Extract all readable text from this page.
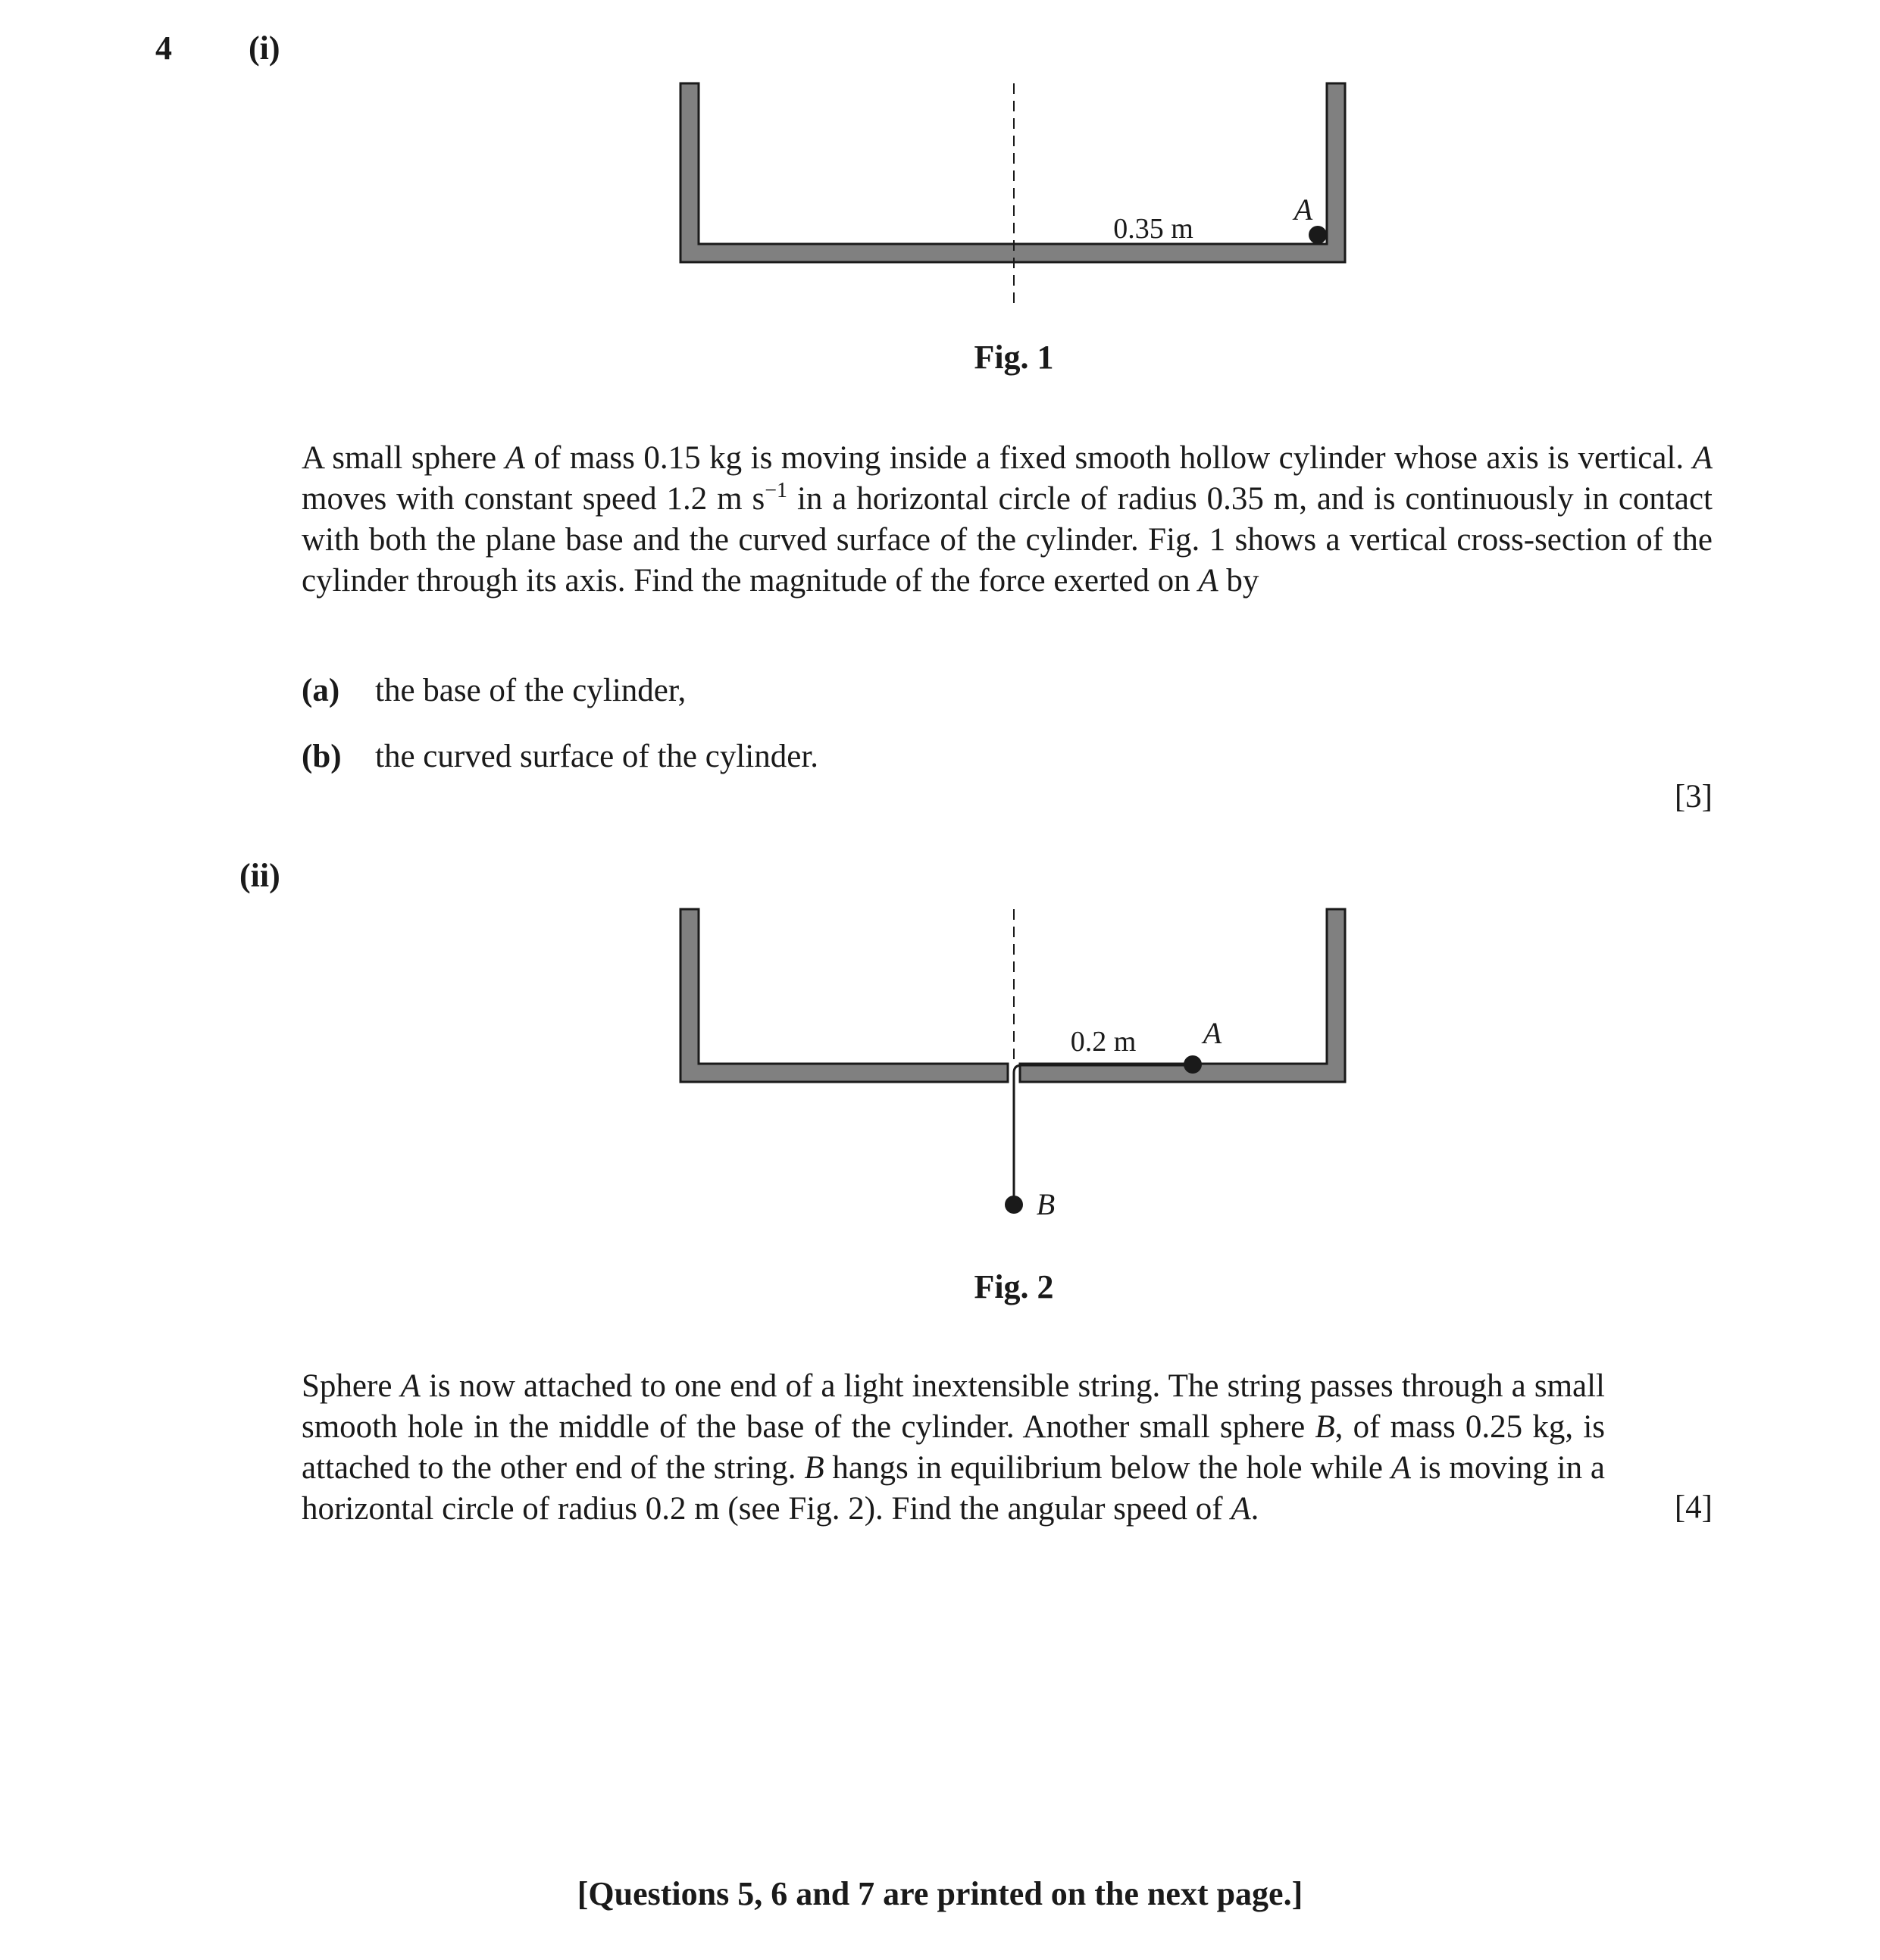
4 (i)
0.35 m
A
Fig. 1
A small sphere A of mass 0.15 kg is moving inside a fixed smooth hollow cylinder whose axis is vertical. A moves with constant speed 1.2 m $s^{-1}$ in a horizontal circle of radius 0.35 m, and is continuously in contact with both the plane base and the curved surface of the cylinder. Fig. 1 shows a vertical cross-section of the cylinder through its axis. Find the magnitude of the force exerted on A by
(a) the base of the cylinder,
(b) the curved surface of the cylinder.
[3]
(ii)
0.2 m A
B
Fig. 2
Sphere A is now attached to one end of a light inextensible string. The string passes through a small smooth hole in the middle of the base of the cylinder. Another small sphere B, of mass 0.25 kg, is attached to the other end of the string. B hangs in equilibrium below the hole while A is moving in a horizontal circle of radius 0.2 m (see Fig. 2). Find the angular speed of A.	[4]
[Questions 5, 6 and 7 are printed on the next page.]
